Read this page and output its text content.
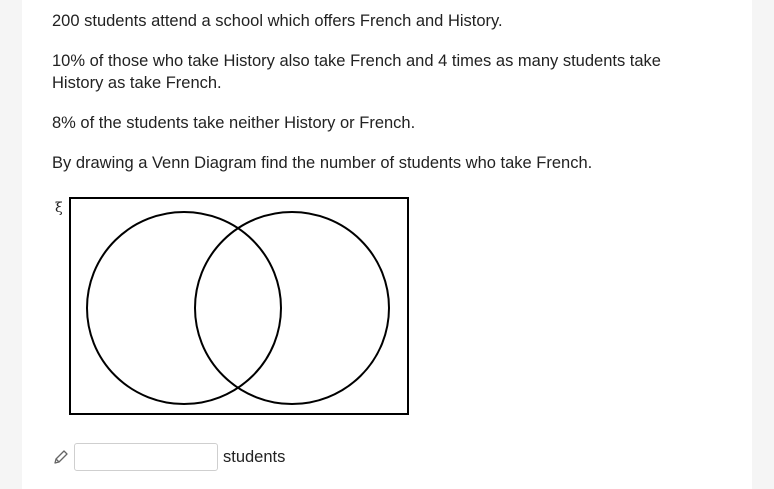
200 students attend a school which offers French and History.

10% of those who take History also take French and 4 times as many students take History as take French.

8% of the students take neither History or French.

By drawing a Venn Diagram find the number of students who take French.

ξ
students
